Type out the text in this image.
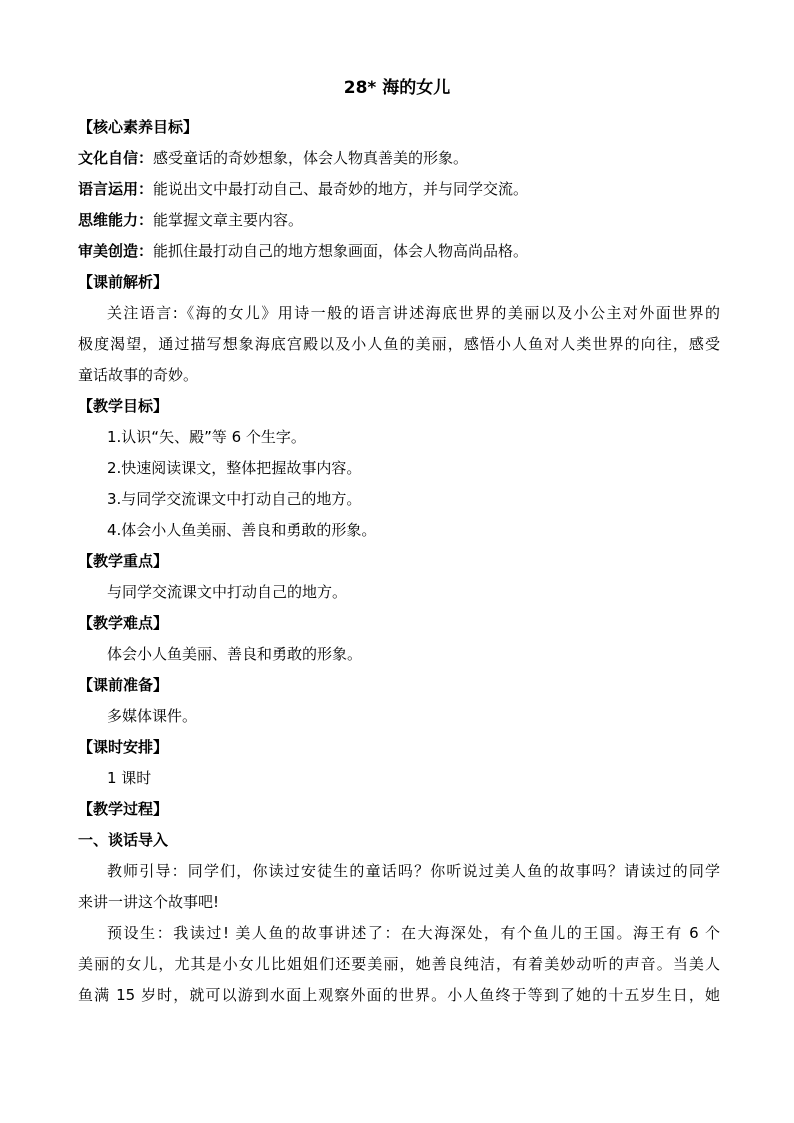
28* 海的女儿
【核心素养目标】
文化自信：感受童话的奇妙想象，体会人物真善美的形象。
语言运用：能说出文中最打动自己、最奇妙的地方，并与同学交流。
思维能力：能掌握文章主要内容。
审美创造：能抓住最打动自己的地方想象画面，体会人物高尚品格。
【课前解析】
关注语言:《海的女儿》用诗一般的语言讲述海底世界的美丽以及小公主对外面世界的
极度渴望，通过描写想象海底宫殿以及小人鱼的美丽，感悟小人鱼对人类世界的向往，感受
童话故事的奇妙。
【教学目标】
1.认识“矢、殿”等 6 个生字。
2.快速阅读课文，整体把握故事内容。
3.与同学交流课文中打动自己的地方。
4.体会小人鱼美丽、善良和勇敢的形象。
【教学重点】
与同学交流课文中打动自己的地方。
【教学难点】
体会小人鱼美丽、善良和勇敢的形象。
【课前准备】
多媒体课件。
【课时安排】
1 课时
【教学过程】
一、谈话导入
教师引导：同学们，你读过安徒生的童话吗？你听说过美人鱼的故事吗？请读过的同学
来讲一讲这个故事吧!
预设生：我读过! 美人鱼的故事讲述了：在大海深处，有个鱼儿的王国。海王有 6 个
美丽的女儿，尤其是小女儿比姐姐们还要美丽，她善良纯洁，有着美妙动听的声音。当美人
鱼满 15 岁时，就可以游到水面上观察外面的世界。小人鱼终于等到了她的十五岁生日，她
